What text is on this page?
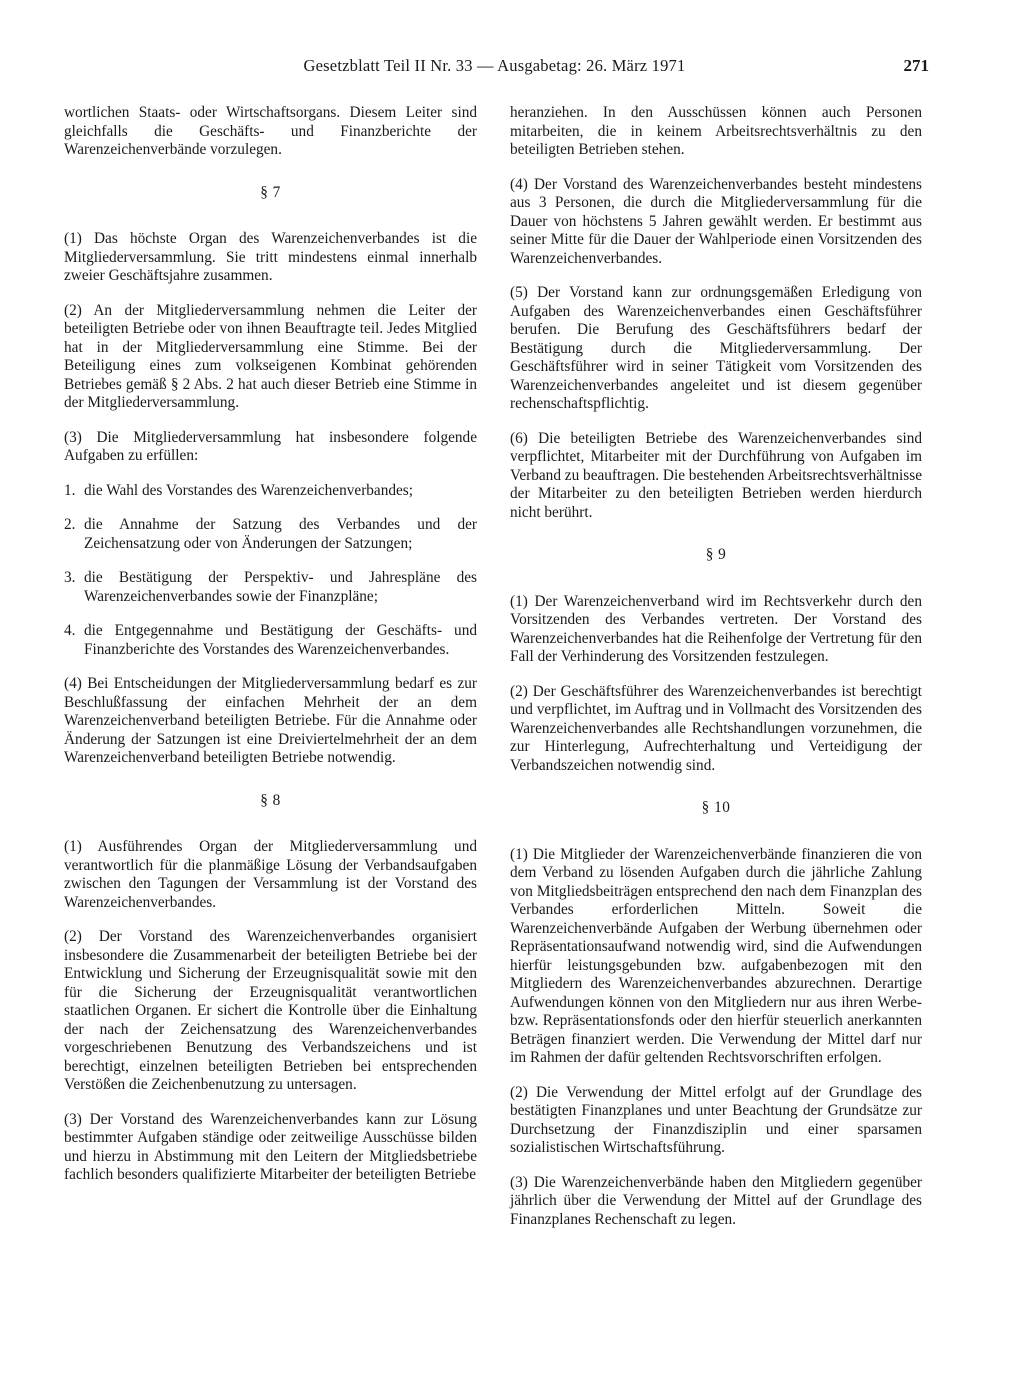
Gesetzblatt Teil II Nr. 33 — Ausgabetag: 26. März 1971	271

wortlichen Staats- oder Wirtschaftsorgans. Diesem Leiter sind gleichfalls die Geschäfts- und Finanzberichte der Warenzeichenverbände vorzulegen.

§ 7

(1) Das höchste Organ des Warenzeichenverbandes ist die Mitgliederversammlung. Sie tritt mindestens einmal innerhalb zweier Geschäftsjahre zusammen.

(2) An der Mitgliederversammlung nehmen die Leiter der beteiligten Betriebe oder von ihnen Beauftragte teil. Jedes Mitglied hat in der Mitgliederversammlung eine Stimme. Bei der Beteiligung eines zum volkseigenen Kombinat gehörenden Betriebes gemäß § 2 Abs. 2 hat auch dieser Betrieb eine Stimme in der Mitgliederversammlung.

(3) Die Mitgliederversammlung hat insbesondere folgende Aufgaben zu erfüllen:

1. die Wahl des Vorstandes des Warenzeichenverbandes;
2. die Annahme der Satzung des Verbandes und der Zeichensatzung oder von Änderungen der Satzungen;
3. die Bestätigung der Perspektiv- und Jahrespläne des Warenzeichenverbandes sowie der Finanzpläne;
4. die Entgegennahme und Bestätigung der Geschäfts- und Finanzberichte des Vorstandes des Warenzeichenverbandes.

(4) Bei Entscheidungen der Mitgliederversammlung bedarf es zur Beschlußfassung der einfachen Mehrheit der an dem Warenzeichenverband beteiligten Betriebe. Für die Annahme oder Änderung der Satzungen ist eine Dreiviertelmehrheit der an dem Warenzeichenverband beteiligten Betriebe notwendig.

§ 8

(1) Ausführendes Organ der Mitgliederversammlung und verantwortlich für die planmäßige Lösung der Verbandsaufgaben zwischen den Tagungen der Versammlung ist der Vorstand des Warenzeichenverbandes.

(2) Der Vorstand des Warenzeichenverbandes organisiert insbesondere die Zusammenarbeit der beteiligten Betriebe bei der Entwicklung und Sicherung der Erzeugnisqualität sowie mit den für die Sicherung der Erzeugnisqualität verantwortlichen staatlichen Organen. Er sichert die Kontrolle über die Einhaltung der nach der Zeichensatzung des Warenzeichenverbandes vorgeschriebenen Benutzung des Verbandszeichens und ist berechtigt, einzelnen beteiligten Betrieben bei entsprechenden Verstößen die Zeichenbenutzung zu untersagen.

(3) Der Vorstand des Warenzeichenverbandes kann zur Lösung bestimmter Aufgaben ständige oder zeitweilige Ausschüsse bilden und hierzu in Abstimmung mit den Leitern der Mitgliedsbetriebe fachlich besonders qualifizierte Mitarbeiter der beteiligten Betriebe

heranziehen. In den Ausschüssen können auch Personen mitarbeiten, die in keinem Arbeitsrechtsverhältnis zu den beteiligten Betrieben stehen.

(4) Der Vorstand des Warenzeichenverbandes besteht mindestens aus 3 Personen, die durch die Mitgliederversammlung für die Dauer von höchstens 5 Jahren gewählt werden. Er bestimmt aus seiner Mitte für die Dauer der Wahlperiode einen Vorsitzenden des Warenzeichenverbandes.

(5) Der Vorstand kann zur ordnungsgemäßen Erledigung von Aufgaben des Warenzeichenverbandes einen Geschäftsführer berufen. Die Berufung des Geschäftsführers bedarf der Bestätigung durch die Mitgliederversammlung. Der Geschäftsführer wird in seiner Tätigkeit vom Vorsitzenden des Warenzeichenverbandes angeleitet und ist diesem gegenüber rechenschaftspflichtig.

(6) Die beteiligten Betriebe des Warenzeichenverbandes sind verpflichtet, Mitarbeiter mit der Durchführung von Aufgaben im Verband zu beauftragen. Die bestehenden Arbeitsrechtsverhältnisse der Mitarbeiter zu den beteiligten Betrieben werden hierdurch nicht berührt.

§ 9

(1) Der Warenzeichenverband wird im Rechtsverkehr durch den Vorsitzenden des Verbandes vertreten. Der Vorstand des Warenzeichenverbandes hat die Reihenfolge der Vertretung für den Fall der Verhinderung des Vorsitzenden festzulegen.

(2) Der Geschäftsführer des Warenzeichenverbandes ist berechtigt und verpflichtet, im Auftrag und in Vollmacht des Vorsitzenden des Warenzeichenverbandes alle Rechtshandlungen vorzunehmen, die zur Hinterlegung, Aufrechterhaltung und Verteidigung der Verbandszeichen notwendig sind.

§ 10

(1) Die Mitglieder der Warenzeichenverbände finanzieren die von dem Verband zu lösenden Aufgaben durch die jährliche Zahlung von Mitgliedsbeiträgen entsprechend den nach dem Finanzplan des Verbandes erforderlichen Mitteln. Soweit die Warenzeichenverbände Aufgaben der Werbung übernehmen oder Repräsentationsaufwand notwendig wird, sind die Aufwendungen hierfür leistungsgebunden bzw. aufgabenbezogen mit den Mitgliedern des Warenzeichenverbandes abzurechnen. Derartige Aufwendungen können von den Mitgliedern nur aus ihren Werbe- bzw. Repräsentationsfonds oder den hierfür steuerlich anerkannten Beträgen finanziert werden. Die Verwendung der Mittel darf nur im Rahmen der dafür geltenden Rechtsvorschriften erfolgen.

(2) Die Verwendung der Mittel erfolgt auf der Grundlage des bestätigten Finanzplanes und unter Beachtung der Grundsätze zur Durchsetzung der Finanzdisziplin und einer sparsamen sozialistischen Wirtschaftsführung.

(3) Die Warenzeichenverbände haben den Mitgliedern gegenüber jährlich über die Verwendung der Mittel auf der Grundlage des Finanzplanes Rechenschaft zu legen.
